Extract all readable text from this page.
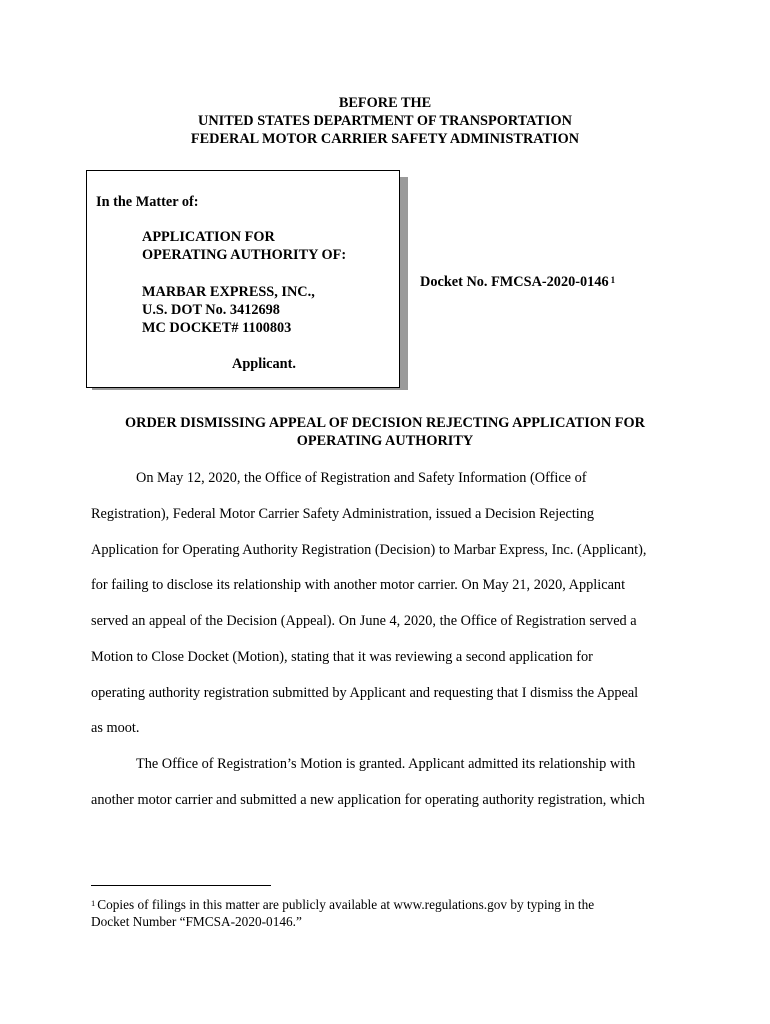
BEFORE THE
UNITED STATES DEPARTMENT OF TRANSPORTATION
FEDERAL MOTOR CARRIER SAFETY ADMINISTRATION
In the Matter of:
APPLICATION FOR
OPERATING AUTHORITY OF:
MARBAR EXPRESS, INC.,
U.S. DOT No. 3412698
MC DOCKET# 1100803
Applicant.
Docket No. FMCSA-2020-0146 $^1$
ORDER DISMISSING APPEAL OF DECISION REJECTING APPLICATION FOR
OPERATING AUTHORITY
On May 12, 2020, the Office of Registration and Safety Information (Office of
Registration), Federal Motor Carrier Safety Administration, issued a Decision Rejecting
Application for Operating Authority Registration (Decision) to Marbar Express, Inc. (Applicant),
for failing to disclose its relationship with another motor carrier. On May 21, 2020, Applicant
served an appeal of the Decision (Appeal). On June 4, 2020, the Office of Registration served a
Motion to Close Docket (Motion), stating that it was reviewing a second application for
operating authority registration submitted by Applicant and requesting that I dismiss the Appeal
as moot.
The Office of Registration’s Motion is granted. Applicant admitted its relationship with
another motor carrier and submitted a new application for operating authority registration, which
$^1$ Copies of filings in this matter are publicly available at www.regulations.gov by typing in the
Docket Number “FMCSA-2020-0146.”
